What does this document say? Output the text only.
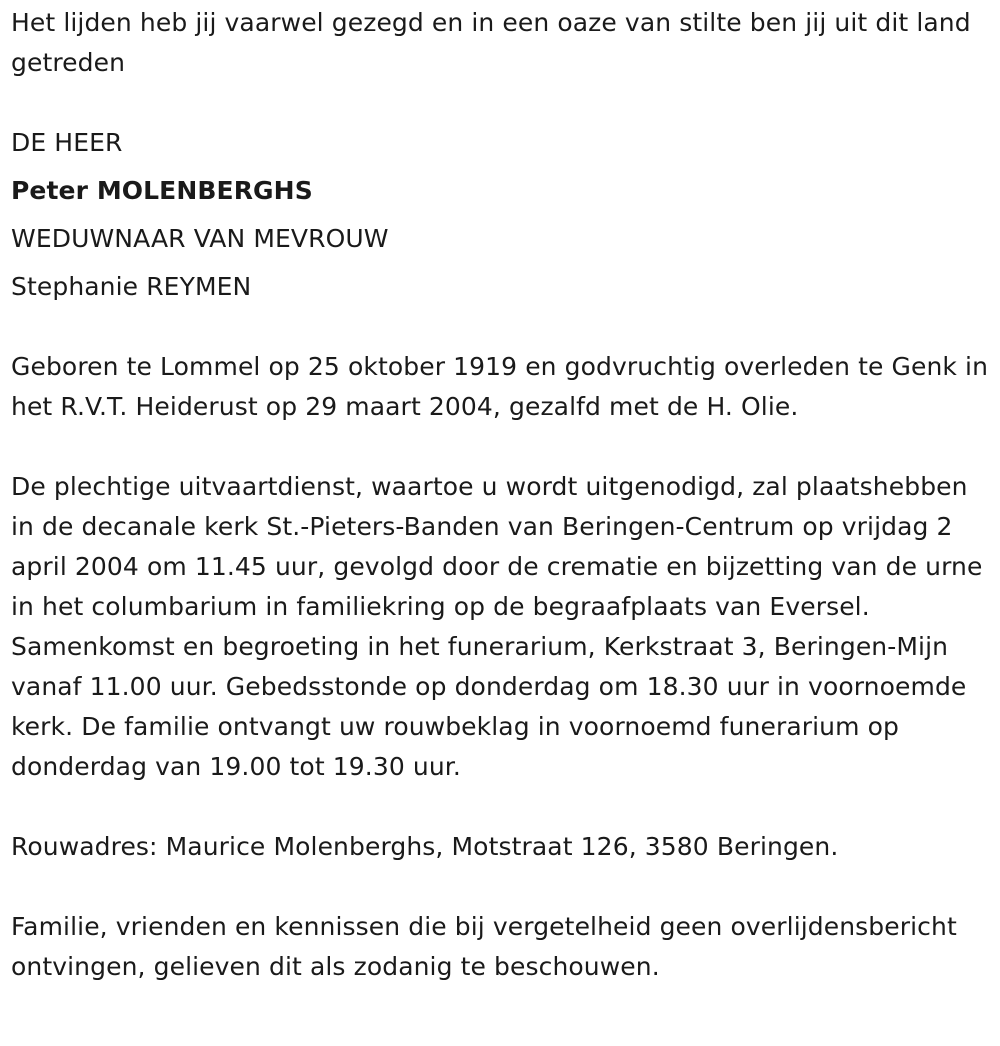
Het lijden heb jij vaarwel gezegd en in een oaze van stilte ben jij uit dit land getreden

DE HEER

Peter MOLENBERGHS

WEDUWNAAR VAN MEVROUW

Stephanie REYMEN

Geboren te Lommel op 25 oktober 1919 en godvruchtig overleden te Genk in het R.V.T. Heiderust op 29 maart 2004, gezalfd met de H. Olie.

De plechtige uitvaartdienst, waartoe u wordt uitgenodigd, zal plaatshebben in de decanale kerk St.-Pieters-Banden van Beringen-Centrum op vrijdag 2 april 2004 om 11.45 uur, gevolgd door de crematie en bijzetting van de urne in het columbarium in familiekring op de begraafplaats van Eversel. Samenkomst en begroeting in het funerarium, Kerkstraat 3, Beringen-Mijn vanaf 11.00 uur. Gebedsstonde op donderdag om 18.30 uur in voornoemde kerk. De familie ontvangt uw rouwbeklag in voornoemd funerarium op donderdag van 19.00 tot 19.30 uur.

Rouwadres: Maurice Molenberghs, Motstraat 126, 3580 Beringen.

Familie, vrienden en kennissen die bij vergetelheid geen overlijdensbericht ontvingen, gelieven dit als zodanig te beschouwen.
